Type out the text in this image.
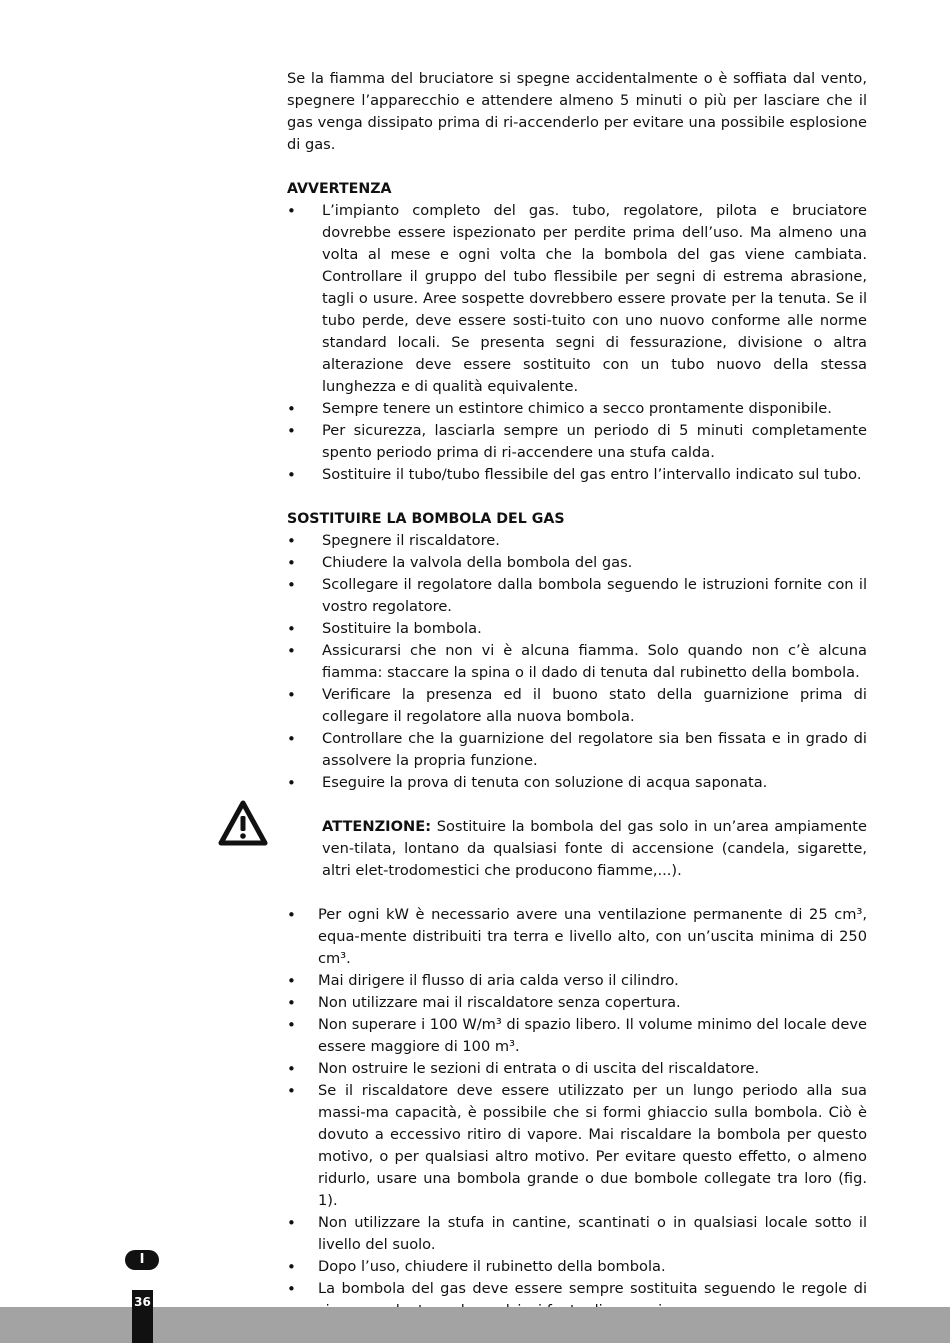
Se la fiamma del bruciatore si spegne accidentalmente o è soffiata dal vento, spegnere l’apparecchio e attendere almeno 5 minuti o più per lasciare che il gas venga dissipato prima di ri-accenderlo per evitare una possibile esplosione di gas.

AVVERTENZA
• L’impianto completo del gas. tubo, regolatore, pilota e bruciatore dovrebbe essere ispezionato per perdite prima dell’uso. Ma almeno una volta al mese e ogni volta che la bombola del gas viene cambiata. Controllare il gruppo del tubo flessibile per segni di estrema abrasione, tagli o usure. Aree sospette dovrebbero essere provate per la tenuta. Se il tubo perde, deve essere sosti-tuito con uno nuovo conforme alle norme standard locali. Se presenta segni di fessurazione, divisione o altra alterazione deve essere sostituito con un tubo nuovo della stessa lunghezza e di qualità equivalente.
• Sempre tenere un estintore chimico a secco prontamente disponibile.
• Per sicurezza, lasciarla sempre un periodo di 5 minuti completamente spento periodo prima di ri-accendere una stufa calda.
• Sostituire il tubo/tubo flessibile del gas entro l’intervallo indicato sul tubo.
SOSTITUIRE LA BOMBOLA DEL GAS
• Spegnere il riscaldatore.
• Chiudere la valvola della bombola del gas.
• Scollegare il regolatore dalla bombola seguendo le istruzioni fornite con il vostro regolatore.
• Sostituire la bombola.
• Assicurarsi che non vi è alcuna fiamma. Solo quando non c’è alcuna fiamma: staccare la spina o il dado di tenuta dal rubinetto della bombola.
• Verificare la presenza ed il buono stato della guarnizione prima di collegare il regolatore alla nuova bombola.
• Controllare che la guarnizione del regolatore sia ben fissata e in grado di assolvere la propria funzione.
• Eseguire la prova di tenuta con soluzione di acqua saponata.

ATTENZIONE: Sostituire la bombola del gas solo in un’area ampiamente ven-tilata, lontano da qualsiasi fonte di accensione (candela, sigarette, altri elet-trodomestici che producono fiamme,...).

• Per ogni kW è necessario avere una ventilazione permanente di 25 cm³, equa-mente distribuiti tra terra e livello alto, con un’uscita minima di 250 cm³.
• Mai dirigere il flusso di aria calda verso il cilindro.
• Non utilizzare mai il riscaldatore senza copertura.
• Non superare i 100 W/m³ di spazio libero. Il volume minimo del locale deve essere maggiore di 100 m³.
• Non ostruire le sezioni di entrata o di uscita del riscaldatore.
• Se il riscaldatore deve essere utilizzato per un lungo periodo alla sua massi-ma capacità, è possibile che si formi ghiaccio sulla bombola. Ciò è dovuto a eccessivo ritiro di vapore. Mai riscaldare la bombola per questo motivo, o per qualsiasi altro motivo. Per evitare questo effetto, o almeno ridurlo, usare una bombola grande o due bombole collegate tra loro (fig. 1).
• Non utilizzare la stufa in cantine, scantinati o in qualsiasi locale sotto il livello del suolo.
• Dopo l’uso, chiudere il rubinetto della bombola.
• La bombola del gas deve essere sempre sostituita seguendo le regole di
I
36
